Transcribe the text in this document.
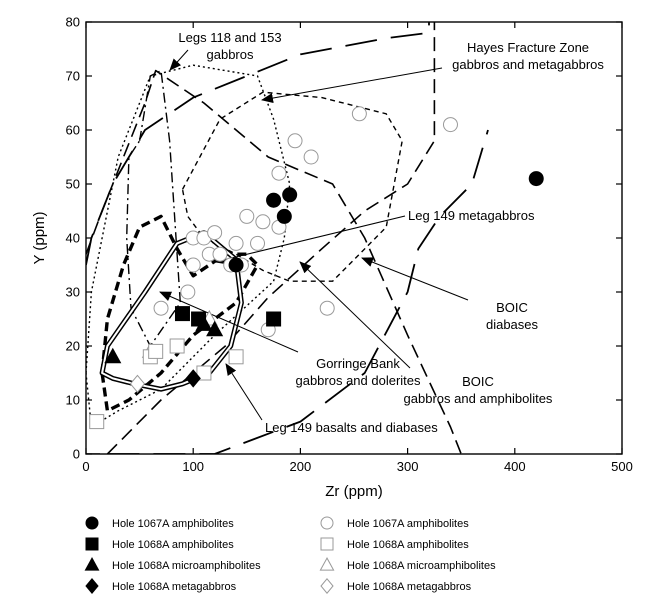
0	100	200	300	400	500
0
10
20
30
40
50
60
70
80
Zr (ppm)
Y (ppm)
Legs 118 and 153
gabbros	Hayes Fracture Zone
gabbros and metagabbros
Leg 149 metagabbros
BOIC
diabases
BOIC
gabbros and amphibolites
Gorringe Bank
gabbros and dolerites
Leg 149 basalts and diabases
Hole 1067A amphibolites
Hole 1068A amphibolites
Hole 1068A microamphibolites
Hole 1068A metagabbros
Hole 1067A amphibolites
Hole 1068A amphibolites
Hole 1068A microamphibolites
Hole 1068A metagabbros
